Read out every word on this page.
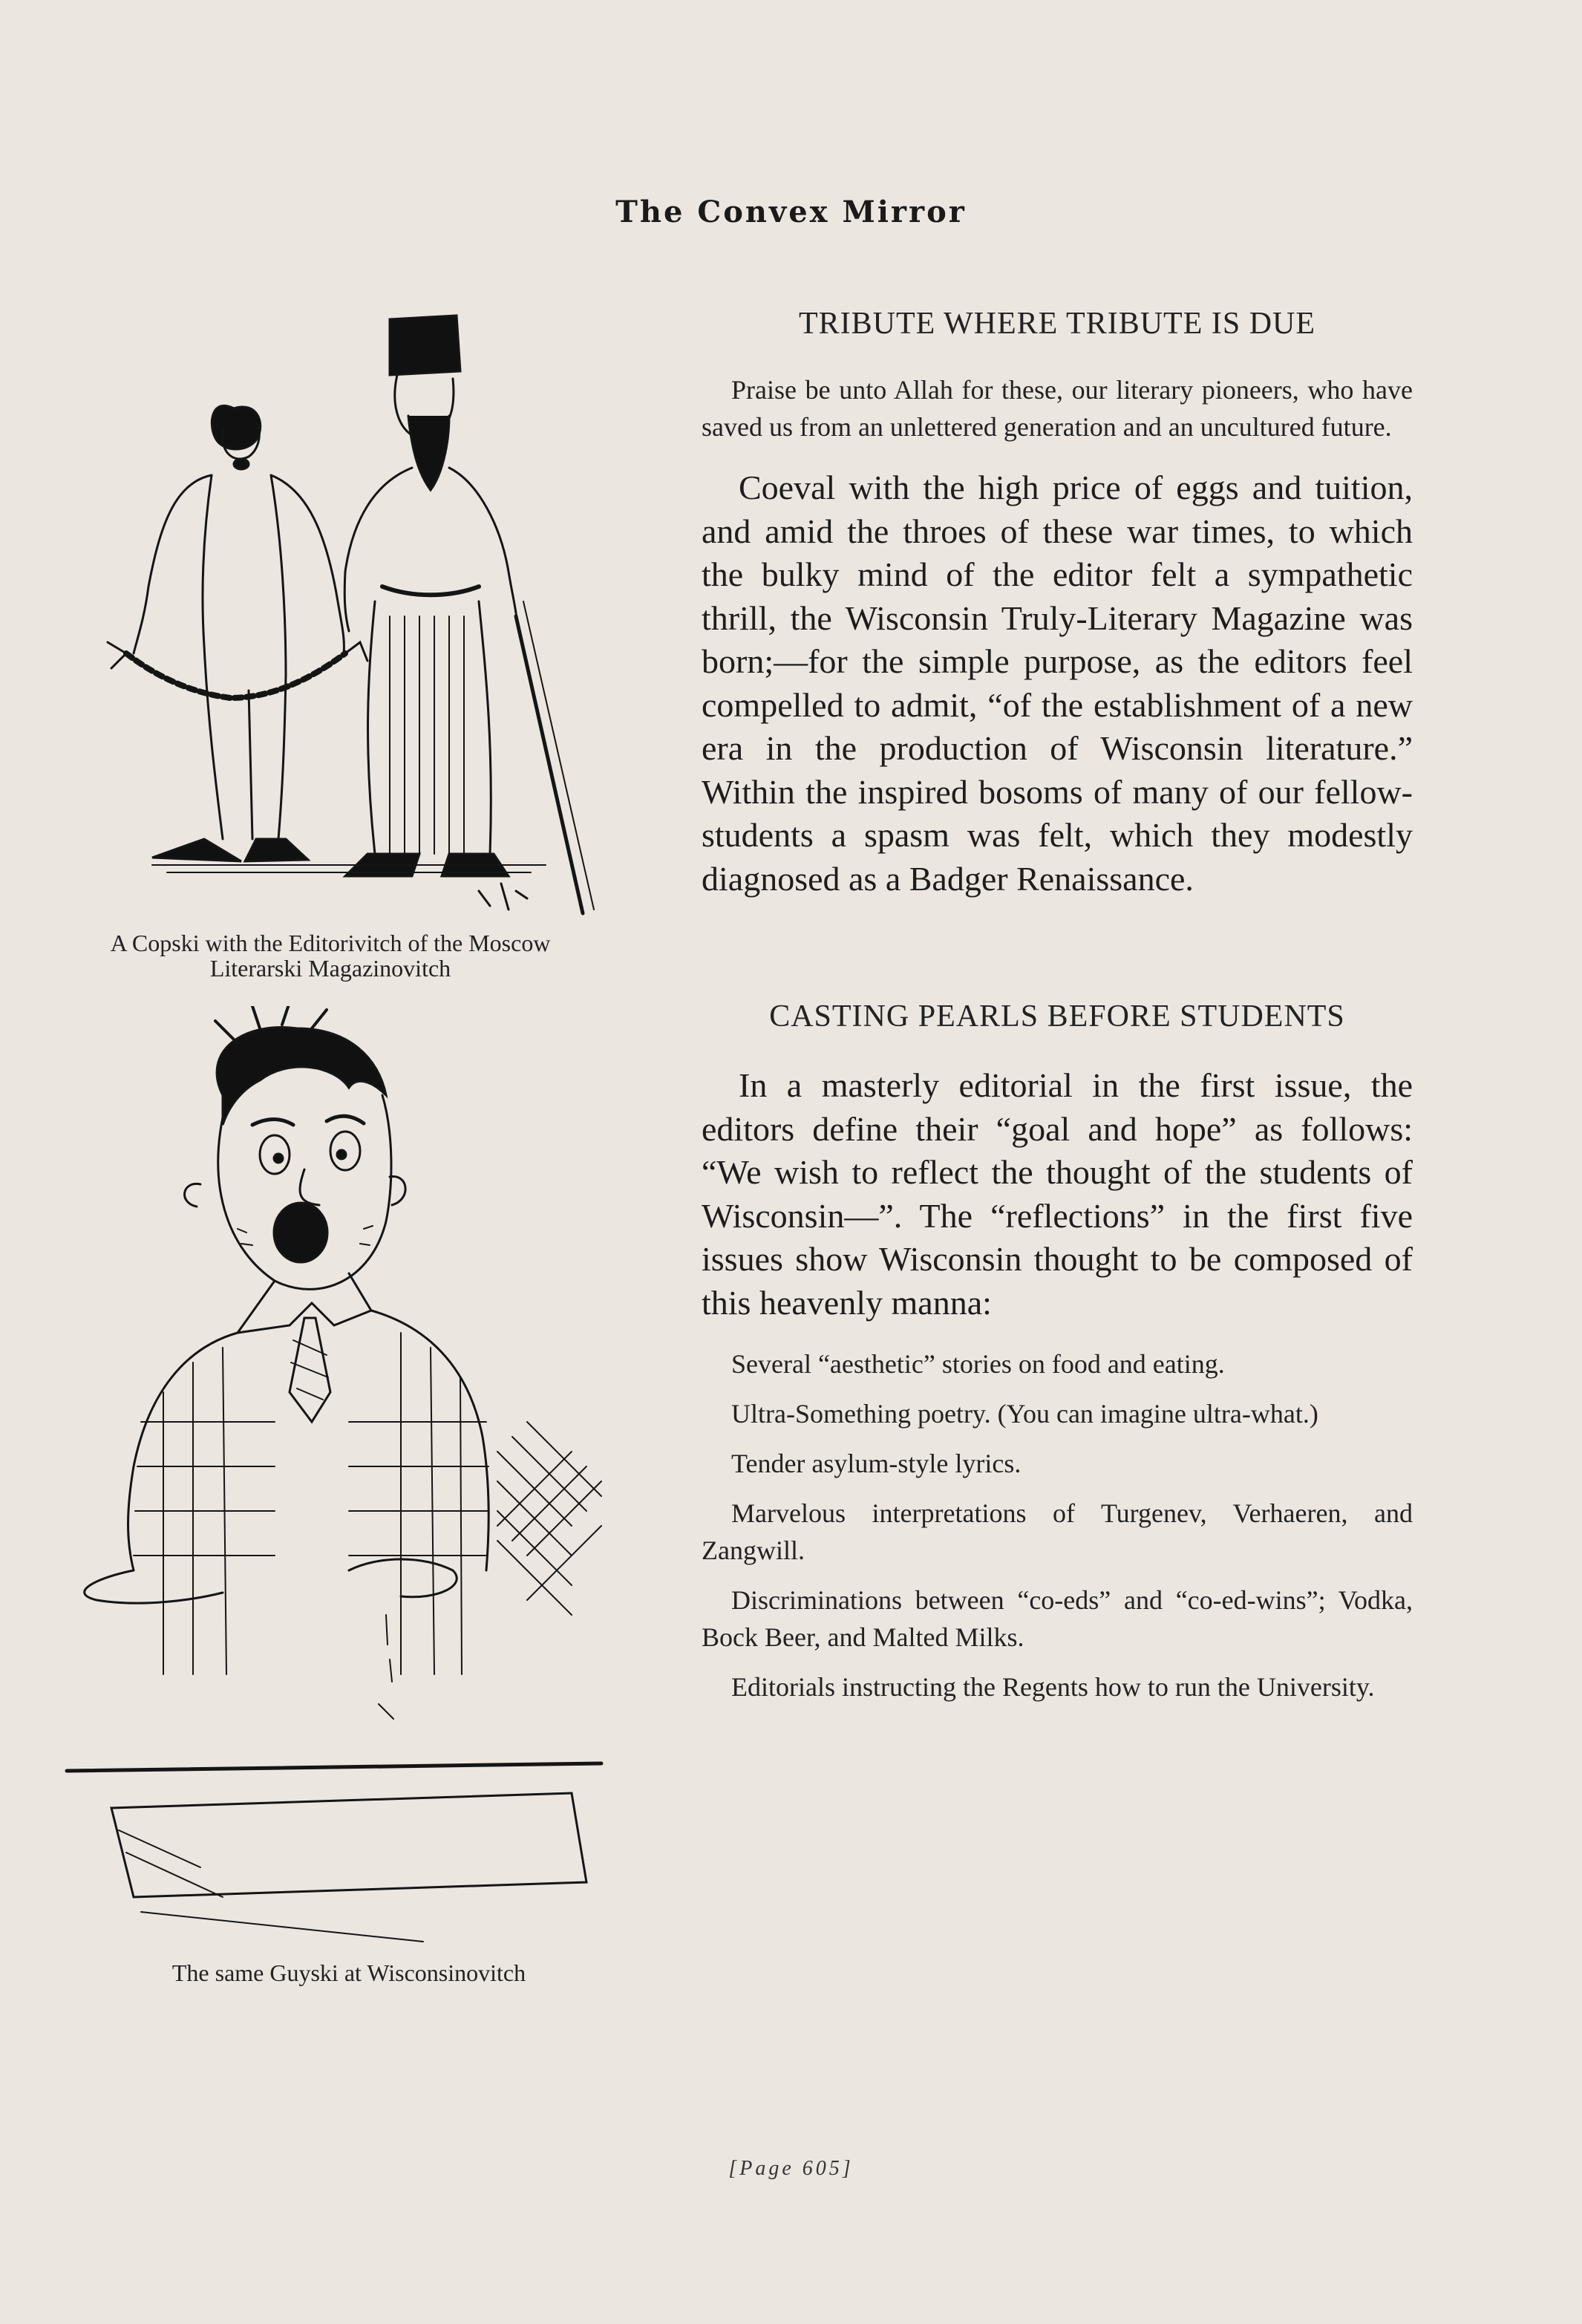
The Convex Mirror
A Copski with the Editorivitch of the Moscow
Literarski Magazinovitch
The same Guyski at Wisconsinovitch
TRIBUTE WHERE TRIBUTE IS DUE

Praise be unto Allah for these, our literary pioneers, who have saved us from an unlettered generation and an uncultured future.

Coeval with the high price of eggs and tuition, and amid the throes of these war times, to which the bulky mind of the editor felt a sympathetic thrill, the Wisconsin Truly-Literary Magazine was born;—for the simple purpose, as the editors feel compelled to admit, “of the establishment of a new era in the production of Wisconsin literature.” Within the inspired bosoms of many of our fellow-students a spasm was felt, which they modestly diagnosed as a Badger Renaissance.

CASTING PEARLS BEFORE STUDENTS

In a masterly editorial in the first issue, the editors define their “goal and hope” as follows: “We wish to reflect the thought of the students of Wisconsin—”. The “reflections” in the first five issues show Wisconsin thought to be composed of this heavenly manna:

Several “aesthetic” stories on food and eating.

Ultra-Something poetry. (You can imagine ultra-what.)

Tender asylum-style lyrics.

Marvelous interpretations of Turgenev, Verhaeren, and Zangwill.

Discriminations between “co-eds” and “co-ed-wins”; Vodka, Bock Beer, and Malted Milks.

Editorials instructing the Regents how to run the University.

[Page 605]
